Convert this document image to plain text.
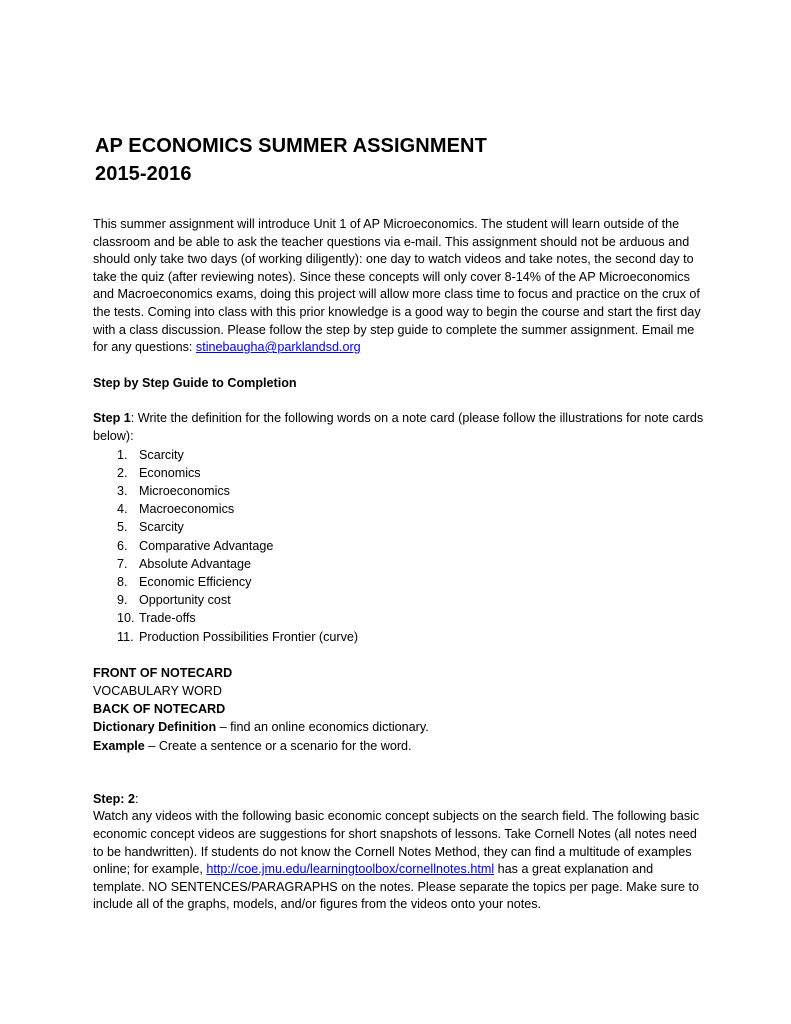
AP ECONOMICS SUMMER ASSIGNMENT
2015-2016

This summer assignment will introduce Unit 1 of AP Microeconomics. The student will learn outside of the classroom and be able to ask the teacher questions via e-mail. This assignment should not be arduous and should only take two days (of working diligently): one day to watch videos and take notes, the second day to take the quiz (after reviewing notes). Since these concepts will only cover 8-14% of the AP Microeconomics and Macroeconomics exams, doing this project will allow more class time to focus and practice on the crux of the tests. Coming into class with this prior knowledge is a good way to begin the course and start the first day with a class discussion. Please follow the step by step guide to complete the summer assignment. Email me for any questions: stinebaugha@parklandsd.org

Step by Step Guide to Completion

Step 1: Write the definition for the following words on a note card (please follow the illustrations for note cards below):

1. Scarcity
2. Economics
3. Microeconomics
4. Macroeconomics
5. Scarcity
6. Comparative Advantage
7. Absolute Advantage
8. Economic Efficiency
9. Opportunity cost
10. Trade-offs
11. Production Possibilities Frontier (curve)

FRONT OF NOTECARD

VOCABULARY WORD

BACK OF NOTECARD

Dictionary Definition – find an online economics dictionary.

Example – Create a sentence or a scenario for the word.

Step: 2:

Watch any videos with the following basic economic concept subjects on the search field. The following basic economic concept videos are suggestions for short snapshots of lessons. Take Cornell Notes (all notes need to be handwritten). If students do not know the Cornell Notes Method, they can find a multitude of examples online; for example, http://coe.jmu.edu/learningtoolbox/cornellnotes.html has a great explanation and template. NO SENTENCES/PARAGRAPHS on the notes. Please separate the topics per page. Make sure to include all of the graphs, models, and/or figures from the videos onto your notes.
